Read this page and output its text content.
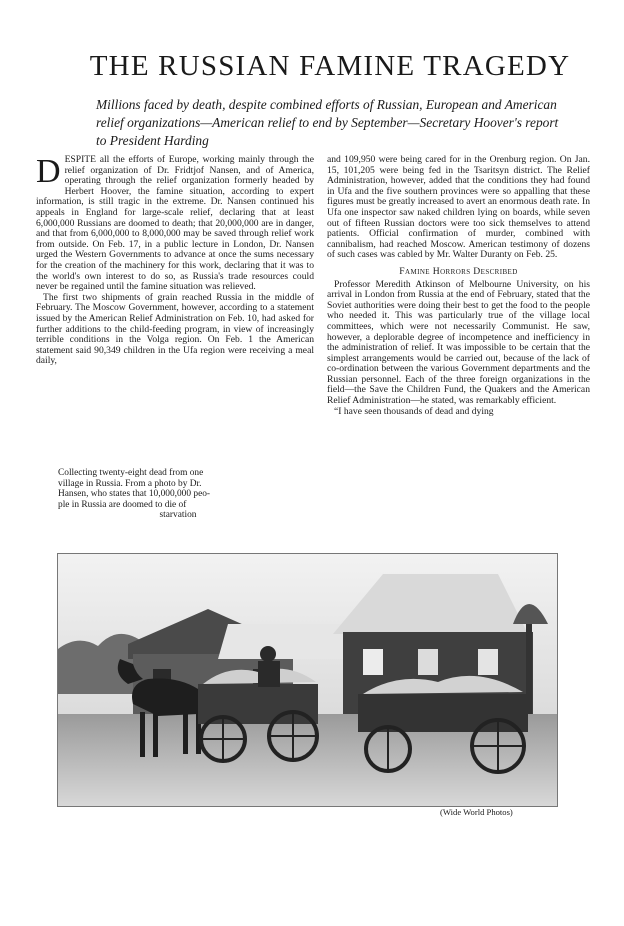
THE RUSSIAN FAMINE TRAGEDY

Millions faced by death, despite combined efforts of Russian, European and American relief organizations—American relief to end by September—Secretary Hoover's report to President Harding

DESPITE all the efforts of Europe, working mainly through the relief organization of Dr. Fridtjof Nansen, and of America, operating through the relief organization formerly headed by Herbert Hoover, the famine situation, according to expert information, is still tragic in the extreme. Dr. Nansen continued his appeals in England for large-scale relief, declaring that at least 6,000,000 Russians are doomed to death; that 20,000,000 are in danger, and that from 6,000,000 to 8,000,000 may be saved through relief work from outside. On Feb. 17, in a public lecture in London, Dr. Nansen urged the Western Governments to advance at once the sums necessary for the creation of the machinery for this work, declaring that it was to the world's own interest to do so, as Russia's trade resources could never be regained until the famine situation was relieved.

The first two shipments of grain reached Russia in the middle of February. The Moscow Government, however, according to a statement issued by the American Relief Administration on Feb. 10, had asked for further additions to the child-feeding program, in view of increasingly terrible conditions in the Volga region. On Feb. 1 the American statement said 90,349 children in the Ufa region were receiving a meal daily,

Collecting twenty-eight dead from one
village in Russia. From a photo by Dr.
Hansen, who states that 10,000,000 peo-
ple in Russia are doomed to die of
starvation

and 109,950 were being cared for in the Orenburg region. On Jan. 15, 101,205 were being fed in the Tsaritsyn district. The Relief Administration, however, added that the conditions they had found in Ufa and the five southern provinces were so appalling that these figures must be greatly increased to avert an enormous death rate. In Ufa one inspector saw naked children lying on boards, while seven out of fifteen Russian doctors were too sick themselves to attend patients. Official confirmation of murder, combined with cannibalism, had reached Moscow. American testimony of dozens of such cases was cabled by Mr. Walter Duranty on Feb. 25.

Famine Horrors Described

Professor Meredith Atkinson of Melbourne University, on his arrival in London from Russia at the end of February, stated that the Soviet authorities were doing their best to get the food to the people who needed it. This was particularly true of the village local committees, which were not necessarily Communist. He saw, however, a deplorable degree of incompetence and inefficiency in the administration of relief. It was impossible to be certain that the simplest arrangements would be carried out, because of the lack of co-ordination between the various Government departments and the Russian personnel. Each of the three foreign organizations in the field—the Save the Children Fund, the Quakers and the American Relief Administration—he stated, was remarkably efficient.

“I have seen thousands of dead and dying

(Wide World Photos)
